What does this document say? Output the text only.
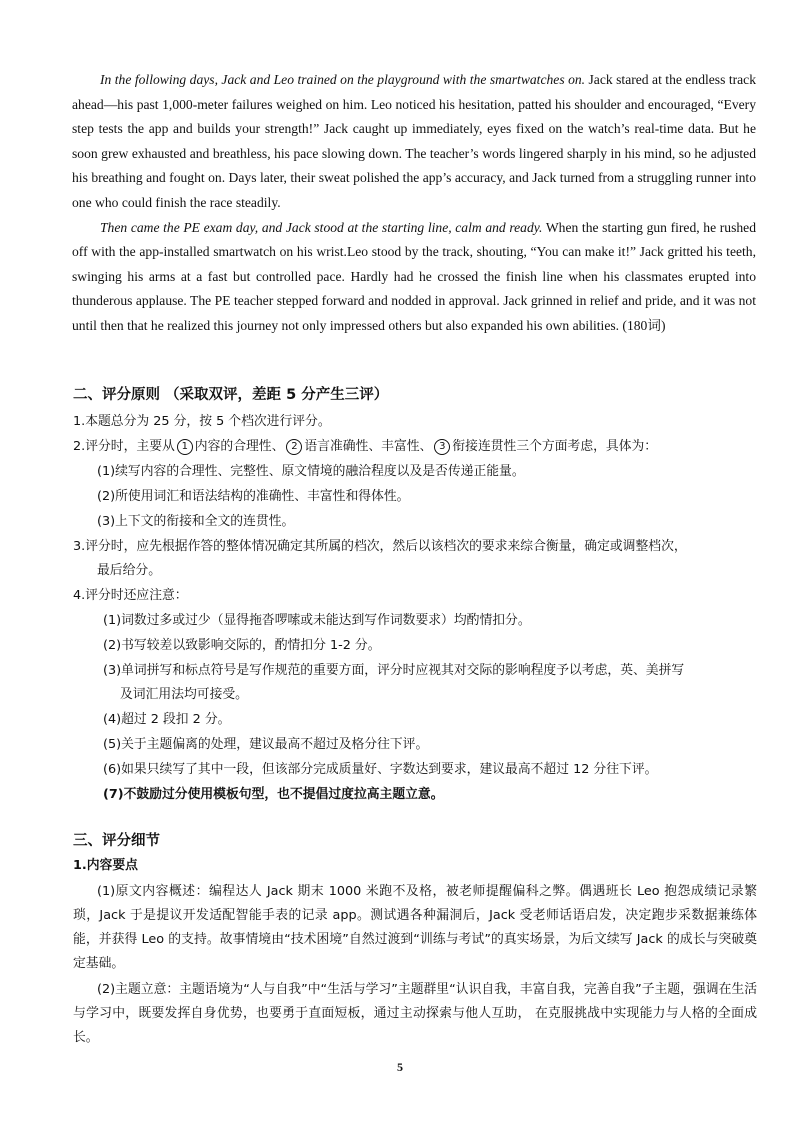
In the following days, Jack and Leo trained on the playground with the smartwatches on. Jack stared at the endless track ahead—his past 1,000-meter failures weighed on him. Leo noticed his hesitation, patted his shoulder and encouraged, “Every step tests the app and builds your strength!” Jack caught up immediately, eyes fixed on the watch’s real-time data. But he soon grew exhausted and breathless, his pace slowing down. The teacher’s words lingered sharply in his mind, so he adjusted his breathing and fought on. Days later, their sweat polished the app’s accuracy, and Jack turned from a struggling runner into one who could finish the race steadily.

Then came the PE exam day, and Jack stood at the starting line, calm and ready. When the starting gun fired, he rushed off with the app-installed smartwatch on his wrist.Leo stood by the track, shouting, “You can make it!” Jack gritted his teeth, swinging his arms at a fast but controlled pace. Hardly had he crossed the finish line when his classmates erupted into thunderous applause. The PE teacher stepped forward and nodded in approval. Jack grinned in relief and pride, and it was not until then that he realized this journey not only impressed others but also expanded his own abilities. (180词)

二、评分原则 （采取双评，差距 5 分产生三评）
1.本题总分为 25 分，按 5 个档次进行评分。
2.评分时，主要从 1 内容的合理性、 2 语言准确性、丰富性、 3 衔接连贯性三个方面考虑，具体为：
(1)续写内容的合理性、完整性、原文情境的融洽程度以及是否传递正能量。
(2)所使用词汇和语法结构的准确性、丰富性和得体性。
(3)上下文的衔接和全文的连贯性。
3.评分时，应先根据作答的整体情况确定其所属的档次，然后以该档次的要求来综合衡量，确定或调整档次，
最后给分。
4.评分时还应注意：
(1)词数过多或过少（显得拖沓啰嗦或未能达到写作词数要求）均酌情扣分。
(2)书写较差以致影响交际的，酌情扣分 1-2 分。
(3)单词拼写和标点符号是写作规范的重要方面，评分时应视其对交际的影响程度予以考虑，英、美拼写
及词汇用法均可接受。
(4)超过 2 段扣 2 分。
(5)关于主题偏离的处理，建议最高不超过及格分往下评。
(6)如果只续写了其中一段，但该部分完成质量好、字数达到要求，建议最高不超过 12 分往下评。
(7)不鼓励过分使用模板句型，也不提倡过度拉高主题立意。
三、评分细节
1.内容要点

(1)原文内容概述：编程达人 Jack 期末 1000 米跑不及格，被老师提醒偏科之弊。偶遇班长 Leo 抱怨成绩记录繁琐，Jack 于是提议开发适配智能手表的记录 app。测试遇各种漏洞后，Jack 受老师话语启发，决定跑步采数据兼练体能，并获得 Leo 的支持。故事情境由“技术困境”自然过渡到“训练与考试”的真实场景，为后文续写 Jack 的成长与突破奠定基础。

(2)主题立意：主题语境为“人与自我”中“生活与学习”主题群里“认识自我，丰富自我，完善自我”子主题，强调在生活与学习中，既要发挥自身优势，也要勇于直面短板，通过主动探索与他人互助， 在克服挑战中实现能力与人格的全面成长。

5
